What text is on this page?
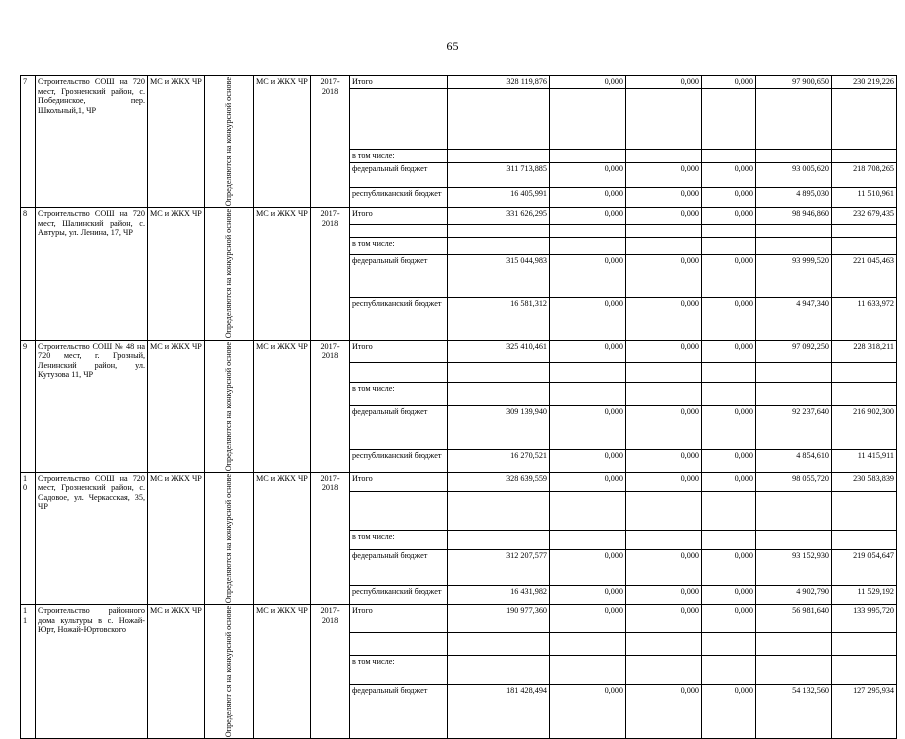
65
7	Строительство СОШ на 720 мест, Грозненский район, с. Побединское, пер. Школьный,1, ЧР	МС и ЖКХ ЧР	Определяются на конкурсной основе	МС и ЖКХ ЧР	2017-2018	Итого	328 119,876	0,000	0,000	0,000	97 900,650	230 219,226

						в том числе:						
						федеральный бюджет	311 713,885	0,000	0,000	0,000	93 005,620	218 708,265
						республиканский бюджет	16 405,991	0,000	0,000	0,000	4 895,030	11 510,961
8	Строительство СОШ на 720 мест, Шалинский район, с. Автуры, ул. Ленина, 17, ЧР	МС и ЖКХ ЧР	Определяются на конкурсной основе	МС и ЖКХ ЧР	2017-2018	Итого	331 626,295	0,000	0,000	0,000	98 946,860	232 679,435

						в том числе:						
						федеральный бюджет	315 044,983	0,000	0,000	0,000	93 999,520	221 045,463
						республиканский бюджет	16 581,312	0,000	0,000	0,000	4 947,340	11 633,972
9	Строительство СОШ № 48 на 720 мест, г. Грозный, Ленинский район, ул. Кутузова 11, ЧР	МС и ЖКХ ЧР	Определяются на конкурсной основе	МС и ЖКХ ЧР	2017-2018	Итого	325 410,461	0,000	0,000	0,000	97 092,250	228 318,211

						в том числе:						
						федеральный бюджет	309 139,940	0,000	0,000	0,000	92 237,640	216 902,300
						республиканский бюджет	16 270,521	0,000	0,000	0,000	4 854,610	11 415,911
1 0	Строительство СОШ на 720 мест, Грозненский район, с. Садовое, ул. Черкасская, 35, ЧР	МС и ЖКХ ЧР	Определяются на конкурсной основе	МС и ЖКХ ЧР	2017-2018	Итого	328 639,559	0,000	0,000	0,000	98 055,720	230 583,839

						в том числе:						
						федеральный бюджет	312 207,577	0,000	0,000	0,000	93 152,930	219 054,647
						республиканский бюджет	16 431,982	0,000	0,000	0,000	4 902,790	11 529,192
1 1	Строительство районного дома культуры в с. Ножай-Юрт, Ножай-Юртовского	МС и ЖКХ ЧР	Определяют ся на конкурсной основе	МС и ЖКХ ЧР	2017-2018	Итого	190 977,360	0,000	0,000	0,000	56 981,640	133 995,720

						в том числе:						
						федеральный бюджет	181 428,494	0,000	0,000	0,000	54 132,560	127 295,934
